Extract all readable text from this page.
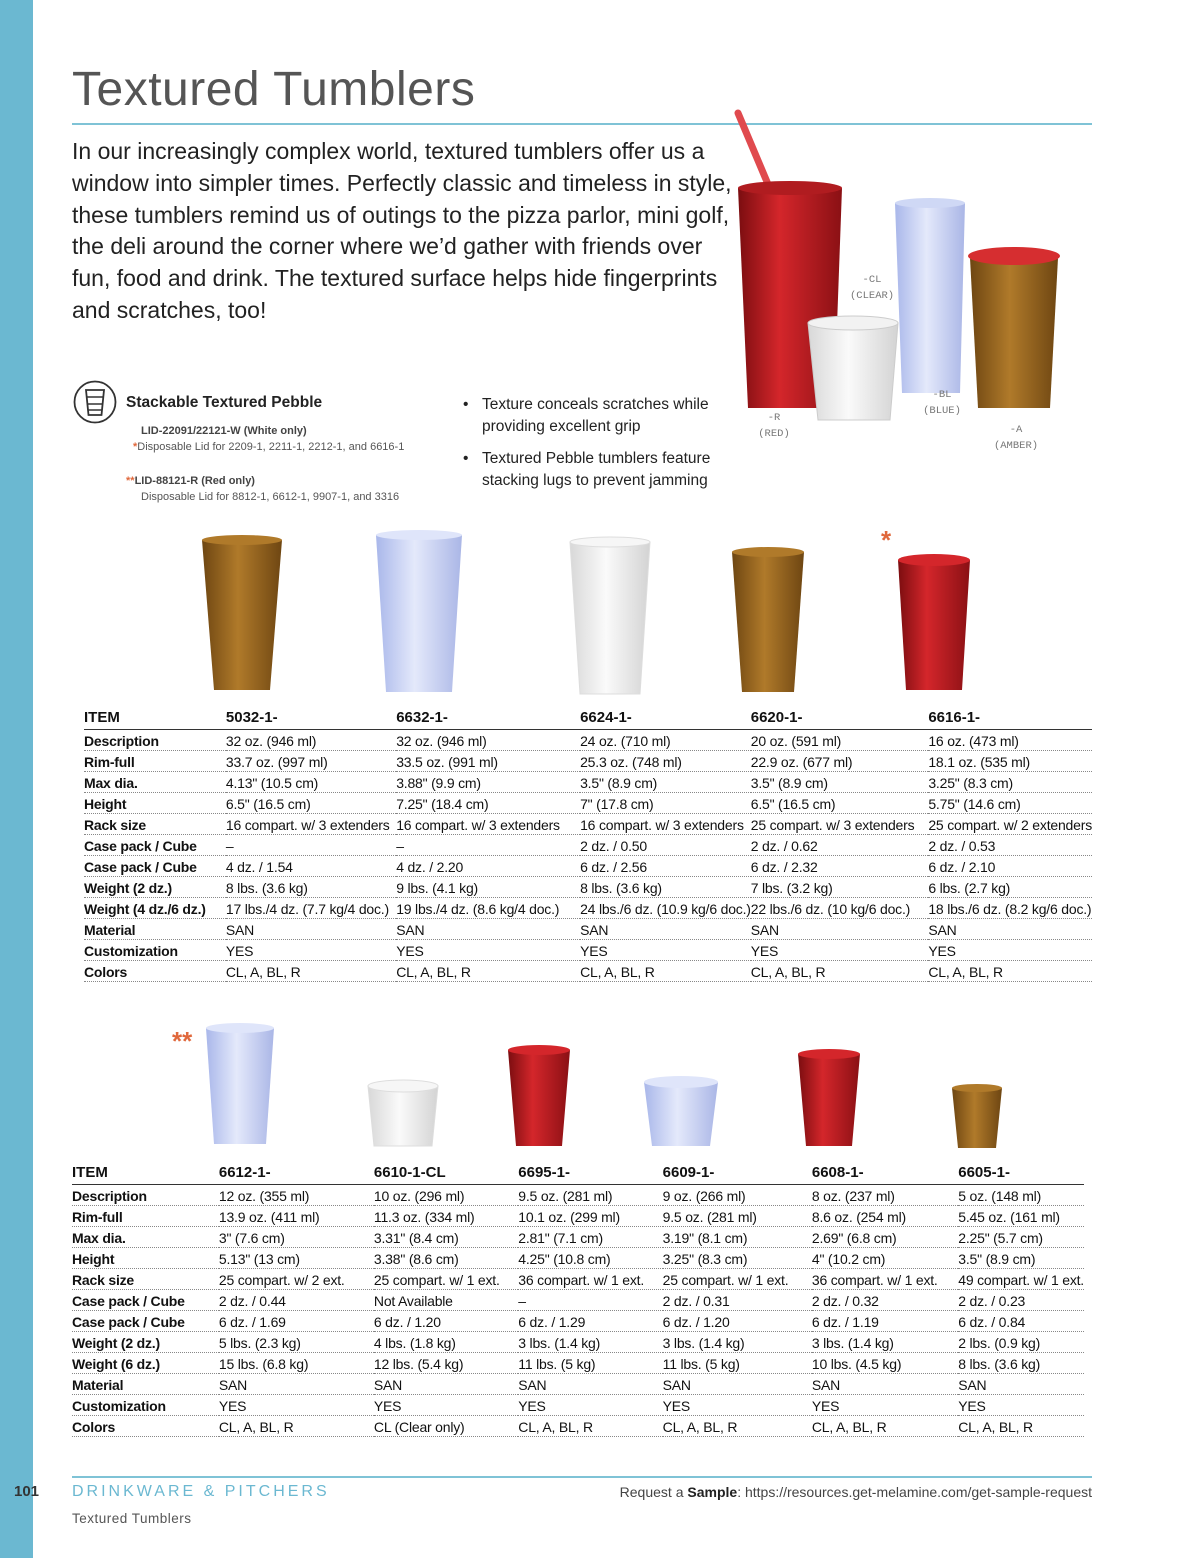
Textured Tumblers
In our increasingly complex world, textured tumblers offer us a window into simpler times. Perfectly classic and timeless in style, these tumblers remind us of outings to the pizza parlor, mini golf, the deli around the corner where we’d gather with friends over fun, food and drink. The textured surface helps hide fingerprints and scratches, too!
Stackable Textured Pebble
LID-22091/22121-W (White only)
*Disposable Lid for 2209-1, 2211-1, 2212-1, and 6616-1
**LID-88121-R (Red only)
Disposable Lid for 8812-1, 6612-1, 9907-1, and 3316
• Texture conceals scratches while providing excellent grip
• Textured Pebble tumblers feature stacking lugs to prevent jamming
-CL
(CLEAR)
-R
(RED)
-BL
(BLUE)
-A
(AMBER)
*
ITEM	5032-1-	6632-1-	6624-1-	6620-1-	6616-1-
Description	32 oz. (946 ml)	32 oz. (946 ml)	24 oz. (710 ml)	20 oz. (591 ml)	16 oz. (473 ml)
Rim-full	33.7 oz. (997 ml)	33.5 oz. (991 ml)	25.3 oz. (748 ml)	22.9 oz. (677 ml)	18.1 oz. (535 ml)
Max dia.	4.13" (10.5 cm)	3.88" (9.9 cm)	3.5" (8.9 cm)	3.5" (8.9 cm)	3.25" (8.3 cm)
Height	6.5" (16.5 cm)	7.25" (18.4 cm)	7" (17.8 cm)	6.5" (16.5 cm)	5.75" (14.6 cm)
Rack size	16 compart. w/ 3 extenders	16 compart. w/ 3 extenders	16 compart. w/ 3 extenders	25 compart. w/ 3 extenders	25 compart. w/ 2 extenders
Case pack / Cube	–	–	2 dz. / 0.50	2 dz. / 0.62	2 dz. / 0.53
Case pack / Cube	4 dz. / 1.54	4 dz. / 2.20	6 dz. / 2.56	6 dz. / 2.32	6 dz. / 2.10
Weight (2 dz.)	8 lbs. (3.6 kg)	9 lbs. (4.1 kg)	8 lbs. (3.6 kg)	7 lbs. (3.2 kg)	6 lbs. (2.7 kg)
Weight (4 dz./6 dz.)	17 lbs./4 dz. (7.7 kg/4 doc.)	19 lbs./4 dz. (8.6 kg/4 doc.)	24 lbs./6 dz. (10.9 kg/6 doc.)	22 lbs./6 dz. (10 kg/6 doc.)	18 lbs./6 dz. (8.2 kg/6 doc.)
Material	SAN	SAN	SAN	SAN	SAN
Customization	YES	YES	YES	YES	YES
Colors	CL, A, BL, R	CL, A, BL, R	CL, A, BL, R	CL, A, BL, R	CL, A, BL, R
**
ITEM	6612-1-	6610-1-CL	6695-1-	6609-1-	6608-1-	6605-1-
Description	12 oz. (355 ml)	10 oz. (296 ml)	9.5 oz. (281 ml)	9 oz. (266 ml)	8 oz. (237 ml)	5 oz. (148 ml)
Rim-full	13.9 oz. (411 ml)	11.3 oz. (334 ml)	10.1 oz. (299 ml)	9.5 oz. (281 ml)	8.6 oz. (254 ml)	5.45 oz. (161 ml)
Max dia.	3" (7.6 cm)	3.31" (8.4 cm)	2.81" (7.1 cm)	3.19" (8.1 cm)	2.69" (6.8 cm)	2.25" (5.7 cm)
Height	5.13" (13 cm)	3.38" (8.6 cm)	4.25" (10.8 cm)	3.25" (8.3 cm)	4" (10.2 cm)	3.5" (8.9 cm)
Rack size	25 compart. w/ 2 ext.	25 compart. w/ 1 ext.	36 compart. w/ 1 ext.	25 compart. w/ 1 ext.	36 compart. w/ 1 ext.	49 compart. w/ 1 ext.
Case pack / Cube	2 dz. / 0.44	Not Available	–	2 dz. / 0.31	2 dz. / 0.32	2 dz. / 0.23
Case pack / Cube	6 dz. / 1.69	6 dz. / 1.20	6 dz. / 1.29	6 dz. / 1.20	6 dz. / 1.19	6 dz. / 0.84
Weight (2 dz.)	5 lbs. (2.3 kg)	4 lbs. (1.8 kg)	3 lbs. (1.4 kg)	3 lbs. (1.4 kg)	3 lbs. (1.4 kg)	2 lbs. (0.9 kg)
Weight (6 dz.)	15 lbs. (6.8 kg)	12 lbs. (5.4 kg)	11 lbs. (5 kg)	11 lbs. (5 kg)	10 lbs. (4.5 kg)	8 lbs. (3.6 kg)
Material	SAN	SAN	SAN	SAN	SAN	SAN
Customization	YES	YES	YES	YES	YES	YES
Colors	CL, A, BL, R	CL (Clear only)	CL, A, BL, R	CL, A, BL, R	CL, A, BL, R	CL, A, BL, R
101 DRINKWARE & PITCHERS	Request a Sample: https://resources.get-melamine.com/get-sample-request
Textured Tumblers
